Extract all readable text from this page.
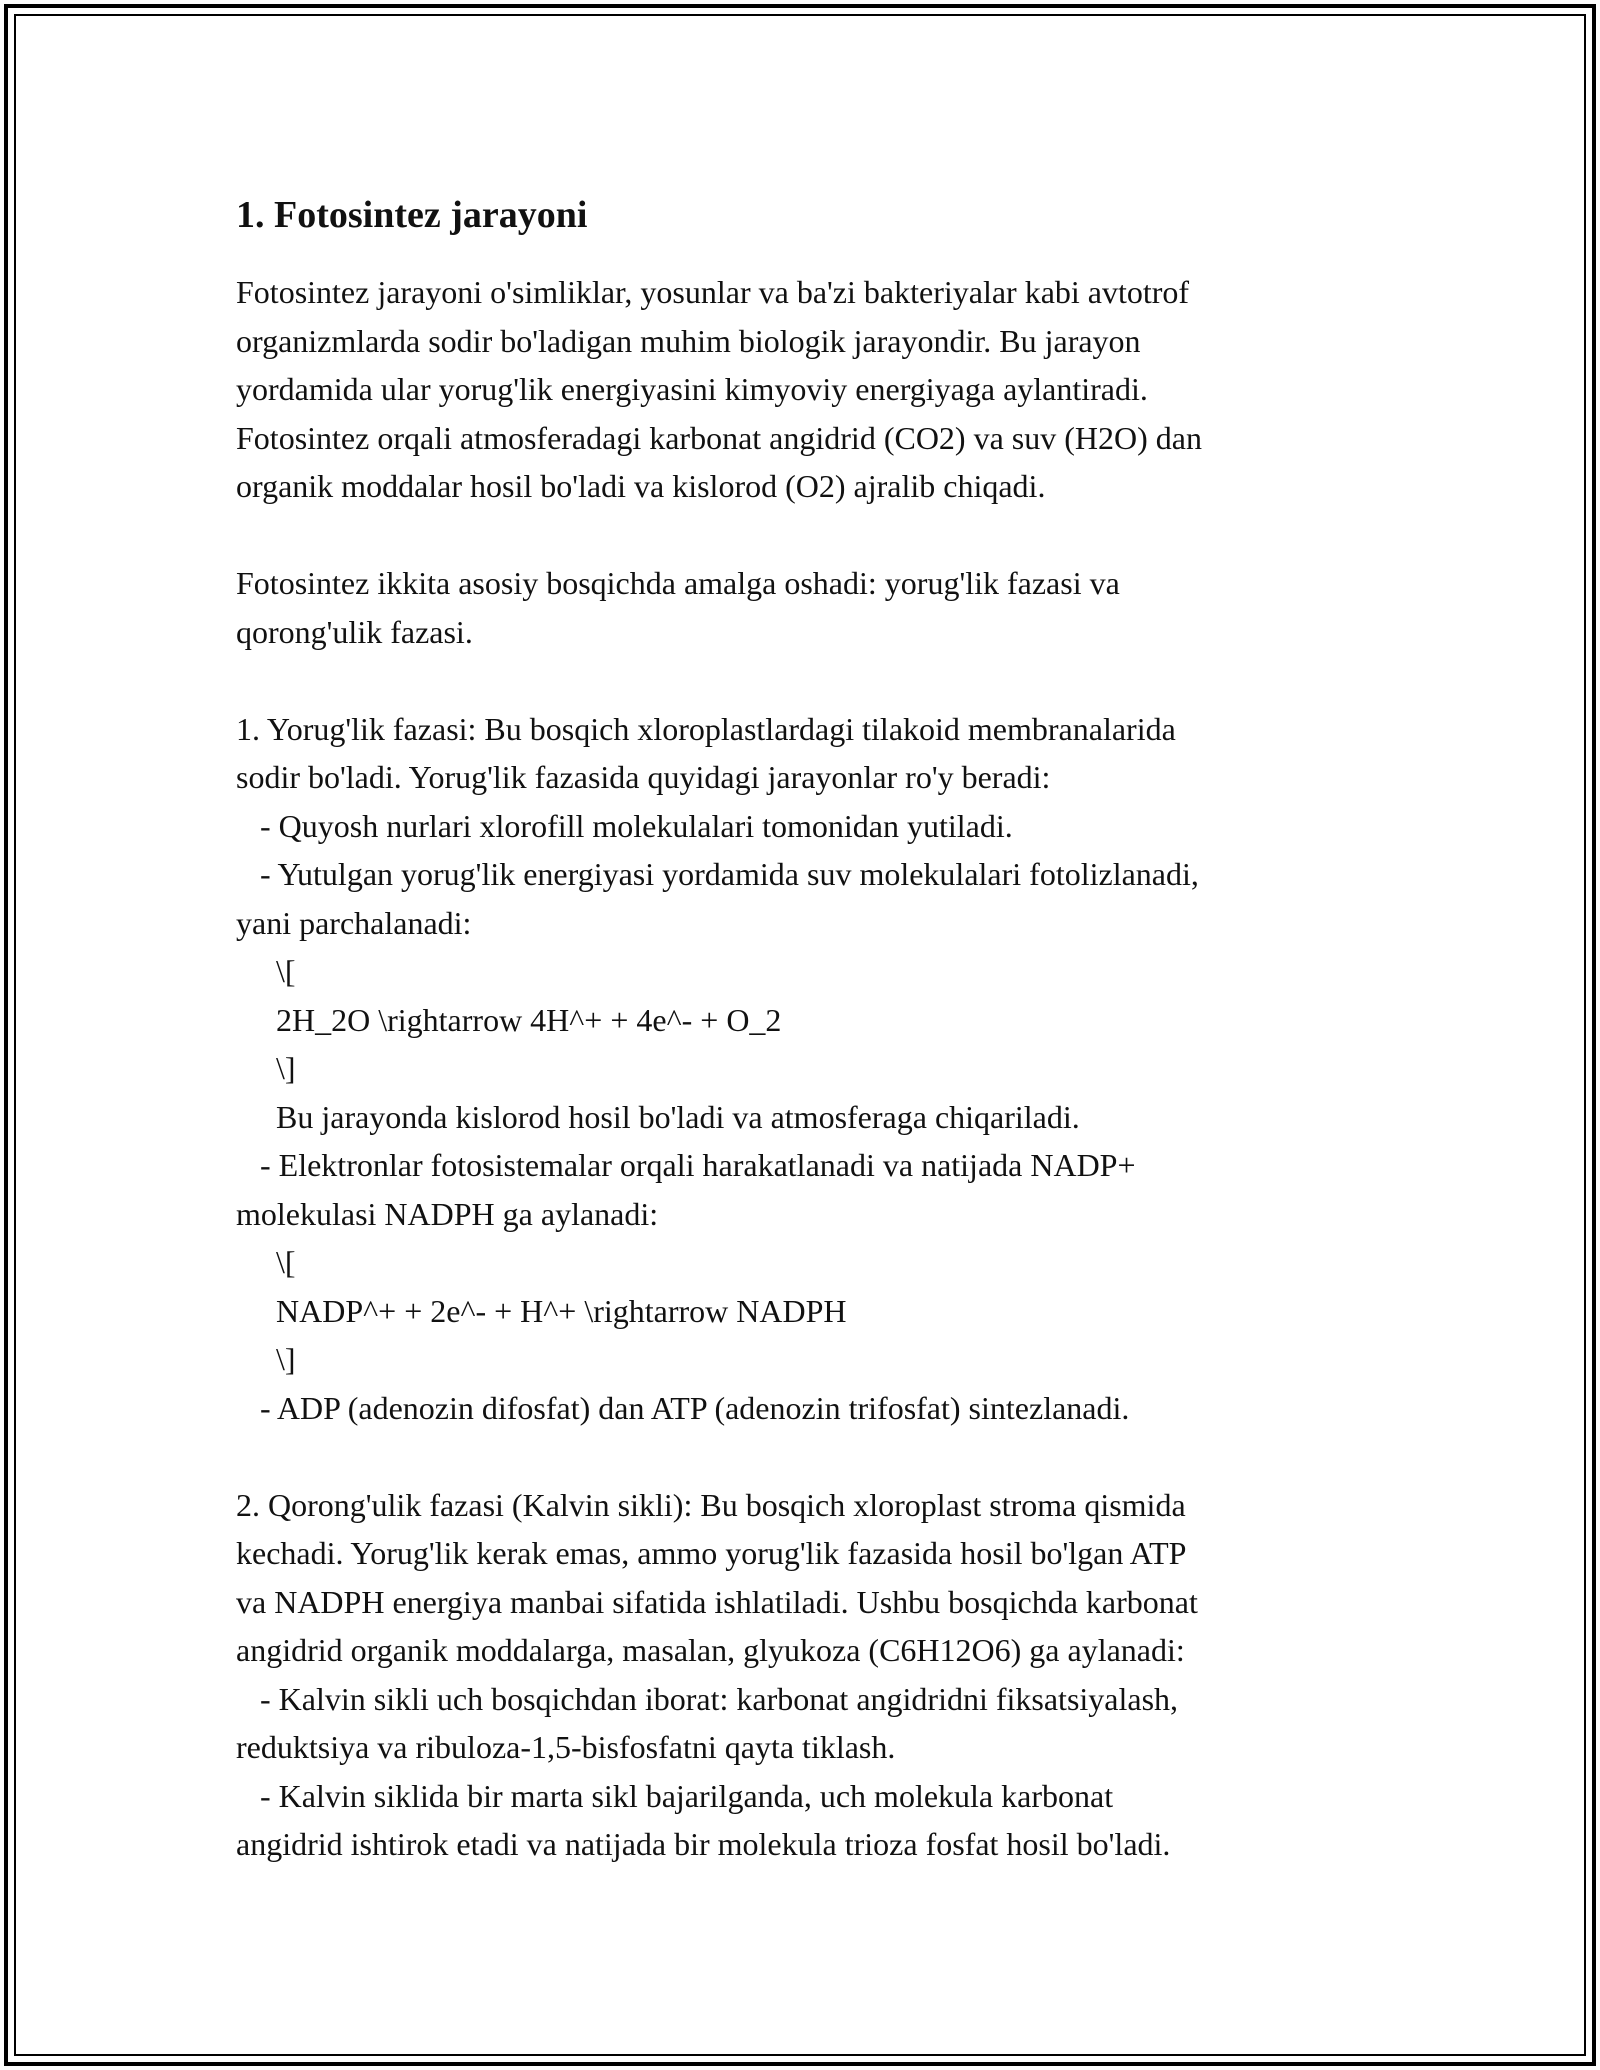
1. Fotosintez jarayoni
Fotosintez jarayoni o'simliklar, yosunlar va ba'zi bakteriyalar kabi avtotrof
organizmlarda sodir bo'ladigan muhim biologik jarayondir. Bu jarayon
yordamida ular yorug'lik energiyasini kimyoviy energiyaga aylantiradi.
Fotosintez orqali atmosferadagi karbonat angidrid (CO2) va suv (H2O) dan
organik moddalar hosil bo'ladi va kislorod (O2) ajralib chiqadi.
Fotosintez ikkita asosiy bosqichda amalga oshadi: yorug'lik fazasi va
qorong'ulik fazasi.
1. Yorug'lik fazasi: Bu bosqich xloroplastlardagi tilakoid membranalarida
sodir bo'ladi. Yorug'lik fazasida quyidagi jarayonlar ro'y beradi:
- Quyosh nurlari xlorofill molekulalari tomonidan yutiladi.
- Yutulgan yorug'lik energiyasi yordamida suv molekulalari fotolizlanadi,
yani parchalanadi:
\[
2H_2O \rightarrow 4H^+ + 4e^- + O_2
\]
Bu jarayonda kislorod hosil bo'ladi va atmosferaga chiqariladi.
- Elektronlar fotosistemalar orqali harakatlanadi va natijada NADP+
molekulasi NADPH ga aylanadi:
\[
NADP^+ + 2e^- + H^+ \rightarrow NADPH
\]
- ADP (adenozin difosfat) dan ATP (adenozin trifosfat) sintezlanadi.
2. Qorong'ulik fazasi (Kalvin sikli): Bu bosqich xloroplast stroma qismida
kechadi. Yorug'lik kerak emas, ammo yorug'lik fazasida hosil bo'lgan ATP
va NADPH energiya manbai sifatida ishlatiladi. Ushbu bosqichda karbonat
angidrid organik moddalarga, masalan, glyukoza (C6H12O6) ga aylanadi:
- Kalvin sikli uch bosqichdan iborat: karbonat angidridni fiksatsiyalash,
reduktsiya va ribuloza-1,5-bisfosfatni qayta tiklash.
- Kalvin siklida bir marta sikl bajarilganda, uch molekula karbonat
angidrid ishtirok etadi va natijada bir molekula trioza fosfat hosil bo'ladi.
